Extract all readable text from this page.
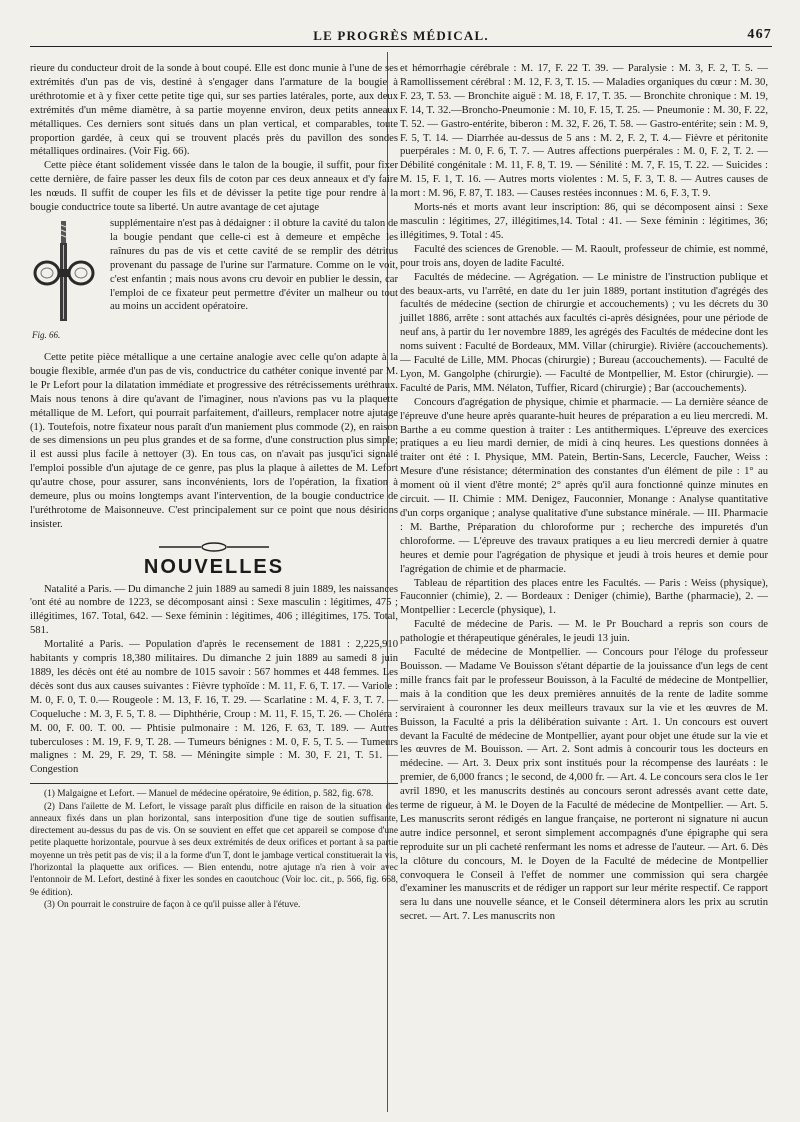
LE PROGRÈS MÉDICAL.	467

rieure du conducteur droit de la sonde à bout coupé. Elle est donc munie à l'une de ses extrémités d'un pas de vis, destiné à s'engager dans l'armature de la bougie à uréthrotomie et à y fixer cette petite tige qui, sur ses parties latérales, porte, aux deux extrémités d'un même diamètre, à sa partie moyenne environ, deux petits anneaux métalliques. Ces derniers sont situés dans un plan vertical, et comparables, toute proportion gardée, à ceux qui se trouvent placés près du pavillon des sondes métalliques ordinaires. (Voir Fig. 66).

Cette pièce étant solidement vissée dans le talon de la bougie, il suffit, pour fixer cette dernière, de faire passer les deux fils de coton par ces deux anneaux et d'y faire les nœuds. Il suffit de couper les fils et de dévisser la petite tige pour rendre à la bougie conductrice toute sa liberté. Un autre avantage de cet ajutage

Fig. 66.
supplémentaire n'est pas à dédaigner : il obture la cavité du talon de la bougie pendant que celle-ci est à demeure et empêche les raînures du pas de vis et cette cavité de se remplir des détritus provenant du passage de l'urine sur l'armature. Comme on le voit, c'est enfantin ; mais nous avons cru devoir en publier le dessin, car l'emploi de ce fixateur peut permettre d'éviter un malheur ou tout au moins un accident opératoire.

Cette petite pièce métallique a une certaine analogie avec celle qu'on adapte à la bougie flexible, armée d'un pas de vis, conductrice du cathéter conique inventé par M. le Pr Lefort pour la dilatation immédiate et progressive des rétrécissements uréthraux. Mais nous tenons à dire qu'avant de l'imaginer, nous n'avions pas vu la plaquette métallique de M. Lefort, qui pourrait parfaitement, d'ailleurs, remplacer notre ajutage (1). Toutefois, notre fixateur nous paraît d'un maniement plus commode (2), en raison de ses dimensions un peu plus grandes et de sa forme, d'une construction plus simple; il est aussi plus facile à nettoyer (3). En tous cas, on n'avait pas jusqu'ici signalé l'emploi possible d'un ajutage de ce genre, pas plus la plaque à ailettes de M. Lefort qu'autre chose, pour assurer, sans inconvénients, lors de l'opération, la fixation à demeure, plus ou moins longtemps avant l'intervention, de la bougie conductrice de l'uréthrotome de Maisonneuve. C'est principalement sur ce point que nous désirions insister.

NOUVELLES

Natalité a Paris. — Du dimanche 2 juin 1889 au samedi 8 juin 1889, les naissances 'ont été au nombre de 1223, se décomposant ainsi : Sexe masculin : légitimes, 475 ; illégitimes, 167. Total, 642. — Sexe féminin : légitimes, 406 ; illégitimes, 175. Total, 581.

Mortalité a Paris. — Population d'après le recensement de 1881 : 2,225,910 habitants y compris 18,380 militaires. Du dimanche 2 juin 1889 au samedi 8 juin 1889, les décès ont été au nombre de 1015 savoir : 567 hommes et 448 femmes. Les décès sont dus aux causes suivantes : Fièvre typhoïde : M. 11, F. 6, T. 17. — Variole : M. 0, F. 0, T. 0.— Rougeole : M. 13, F. 16, T. 29. — Scarlatine : M. 4, F. 3, T. 7. — Coqueluche : M. 3, F. 5, T. 8. — Diphthérie, Croup : M. 11, F. 15, T. 26. — Choléra : M. 00, F. 00. T. 00. — Phtisie pulmonaire : M. 126, F. 63, T. 189. — Autres tuberculoses : M. 19, F. 9, T. 28. — Tumeurs bénignes : M. 0, F. 5, T. 5. — Tumeurs malignes : M. 29, F. 29, T. 58. — Méningite simple : M. 30, F. 21, T. 51. — Congestion

(1) Malgaigne et Lefort. — Manuel de médecine opératoire, 9e édition, p. 582, fig. 678.

(2) Dans l'ailette de M. Lefort, le vissage paraît plus difficile en raison de la situation des anneaux fixés dans un plan horizontal, sans interposition d'une tige de soutien suffisante, directement au-dessus du pas de vis. On se souvient en effet que cet appareil se compose d'une petite plaquette horizontale, pourvue à ses deux extrémités de deux orifices et portant à sa partie moyenne un très petit pas de vis; il a la forme d'un T, dont le jambage vertical constituerait la vis, l'horizontal la plaquette aux orifices. — Bien entendu, notre ajutage n'a rien à voir avec l'entonnoir de M. Lefort, destiné à fixer les sondes en caoutchouc (Voir loc. cit., p. 566, fig. 668, 9e édition).

(3) On pourrait le construire de façon à ce qu'il puisse aller à l'étuve.

et hémorrhagie cérébrale : M. 17, F. 22 T. 39. — Paralysie : M. 3, F. 2, T. 5. — Ramollissement cérébral : M. 12, F. 3, T. 15. — Maladies organiques du cœur : M. 30, F. 23, T. 53. — Bronchite aiguë : M. 18, F. 17, T. 35. — Bronchite chronique : M. 19, F. 14, T. 32.—Broncho-Pneumonie : M. 10, F. 15, T. 25. — Pneumonie : M. 30, F. 22, T. 52. — Gastro-entérite, biberon : M. 32, F. 26, T. 58. — Gastro-entérite; sein : M. 9, F. 5, T. 14. — Diarrhée au-dessus de 5 ans : M. 2, F. 2, T. 4.— Fièvre et péritonite puerpérales : M. 0, F. 6, T. 7. — Autres affections puerpérales : M. 0, F. 2, T. 2. — Débilité congénitale : M. 11, F. 8, T. 19. — Sénilité : M. 7, F. 15, T. 22. — Suicides : M. 15, F. 1, T. 16. — Autres morts violentes : M. 5, F. 3, T. 8. — Autres causes de mort : M. 96, F. 87, T. 183. — Causes restées inconnues : M. 6, F. 3, T. 9.

Morts-nés et morts avant leur inscription: 86, qui se décomposent ainsi : Sexe masculin : légitimes, 27, illégitimes,14. Total : 41. — Sexe féminin : légitimes, 36; illégitimes, 9. Total : 45.

Faculté des sciences de Grenoble. — M. Raoult, professeur de chimie, est nommé, pour trois ans, doyen de ladite Faculté.

Facultés de médecine. — Agrégation. — Le ministre de l'instruction publique et des beaux-arts, vu l'arrêté, en date du 1er juin 1889, portant institution d'agrégés des facultés de médecine (section de chirurgie et accouchements) ; vu les décrets du 30 juillet 1886, arrête : sont attachés aux facultés ci-après désignées, pour une période de neuf ans, à partir du 1er novembre 1889, les agrégés des Facultés de médecine dont les noms suivent : Faculté de Bordeaux, MM. Villar (chirurgie). Rivière (accouchements). — Faculté de Lille, MM. Phocas (chirurgie) ; Bureau (accouchements). — Faculté de Lyon, M. Gangolphe (chirurgie). — Faculté de Montpellier, M. Estor (chirurgie). — Faculté de Paris, MM. Nélaton, Tuffier, Ricard (chirurgie) ; Bar (accouchements).

Concours d'agrégation de physique, chimie et pharmacie. — La dernière séance de l'épreuve d'une heure après quarante-huit heures de préparation a eu lieu mercredi. M. Barthe a eu comme question à traiter : Les antithermiques. L'épreuve des exercices pratiques a eu lieu mardi dernier, de midi à cinq heures. Les questions données à traiter ont été : I. Physique, MM. Patein, Bertin-Sans, Lecercle, Faucher, Weiss : Mesure d'une résistance; détermination des constantes d'un élément de pile : 1° au moment où il vient d'être monté; 2° après qu'il aura fonctionné quinze minutes en circuit. — II. Chimie : MM. Denigez, Fauconnier, Monange : Analyse quantitative d'un corps organique ; analyse qualitative d'une substance minérale. — III. Pharmacie : M. Barthe, Préparation du chloroforme pur ; recherche des impuretés d'un chloroforme. — L'épreuve des travaux pratiques a eu lieu mercredi dernier à quatre heures et demie pour l'agrégation de physique et jeudi à trois heures et demie pour l'agrégation de chimie et de pharmacie.

Tableau de répartition des places entre les Facultés. — Paris : Weiss (physique), Fauconnier (chimie), 2. — Bordeaux : Deniger (chimie), Barthe (pharmacie), 2. — Montpellier : Lecercle (physique), 1.

Faculté de médecine de Paris. — M. le Pr Bouchard a repris son cours de pathologie et thérapeutique générales, le jeudi 13 juin.

Faculté de médecine de Montpellier. — Concours pour l'éloge du professeur Bouisson. — Madame Ve Bouisson s'étant départie de la jouissance d'un legs de cent mille francs fait par le professeur Bouisson, à la Faculté de médecine de Montpellier, mais à la condition que les deux premières annuités de la rente de ladite somme serviraient à couronner les deux meilleurs travaux sur la vie et les œuvres de M. Buisson, la Faculté a pris la délibération suivante : Art. 1. Un concours est ouvert devant la Faculté de médecine de Montpellier, ayant pour objet une étude sur la vie et les œuvres de M. Bouisson. — Art. 2. Sont admis à concourir tous les docteurs en médecine. — Art. 3. Deux prix sont institués pour la récompense des lauréats : le premier, de 6,000 francs ; le second, de 4,000 fr. — Art. 4. Le concours sera clos le 1er avril 1890, et les manuscrits destinés au concours seront adressés avant cette date, terme de rigueur, à M. le Doyen de la Faculté de médecine de Montpellier. — Art. 5. Les manuscrits seront rédigés en langue française, ne porteront ni signature ni aucun autre indice personnel, et seront simplement accompagnés d'une épigraphe qui sera reproduite sur un pli cacheté renfermant les noms et adresse de l'auteur. — Art. 6. Dès la clôture du concours, M. le Doyen de la Faculté de médecine de Montpellier convoquera le Conseil à l'effet de nommer une commission qui sera chargée d'examiner les manuscrits et de rédiger un rapport sur leur mérite respectif. Ce rapport sera lu dans une nouvelle séance, et le Conseil déterminera alors les prix au scrutin secret. — Art. 7. Les manuscrits non
